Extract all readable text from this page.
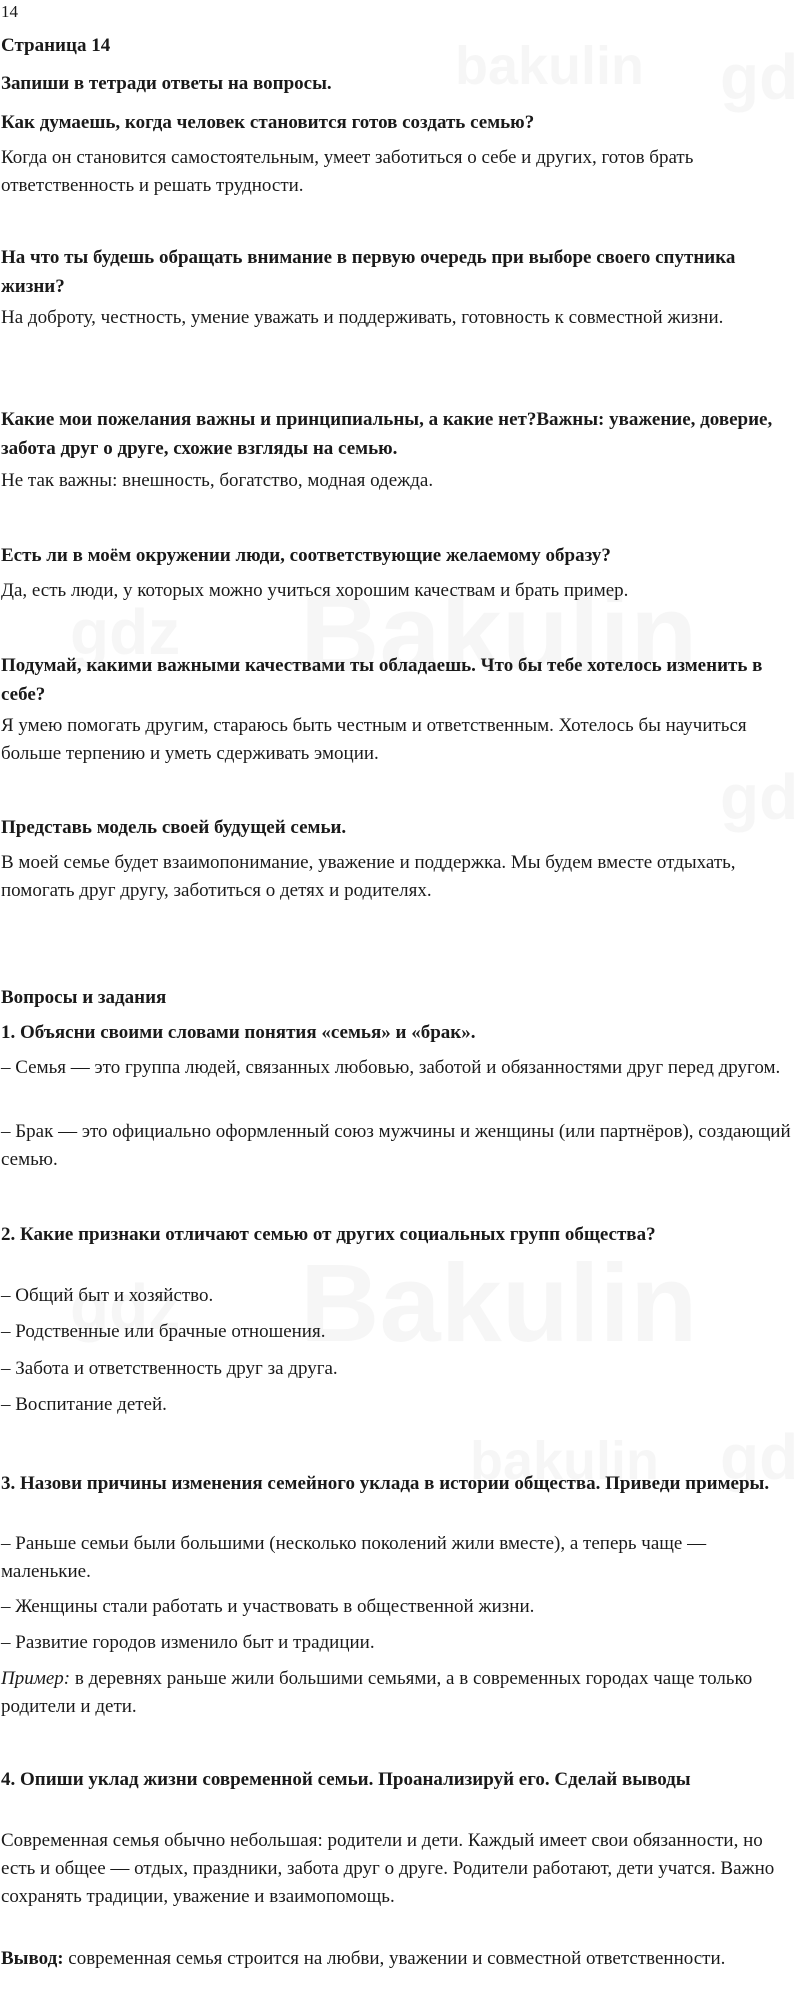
14
Страница 14
Запиши в тетради ответы на вопросы.
Как думаешь, когда человек становится готов создать семью?
Когда он становится самостоятельным, умеет заботиться о себе и других, готов брать ответственность и решать трудности.
На что ты будешь обращать внимание в первую очередь при выборе своего спутника жизни?
На доброту, честность, умение уважать и поддерживать, готовность к совместной жизни.
Какие мои пожелания важны и принципиальны, а какие нет?Важны: уважение, доверие, забота друг о друге, схожие взгляды на семью.
Не так важны: внешность, богатство, модная одежда.
Есть ли в моём окружении люди, соответствующие желаемому образу?
Да, есть люди, у которых можно учиться хорошим качествам и брать пример.
Подумай, какими важными качествами ты обладаешь. Что бы тебе хотелось изменить в себе?
Я умею помогать другим, стараюсь быть честным и ответственным. Хотелось бы научиться больше терпению и уметь сдерживать эмоции.
Представь модель своей будущей семьи.
В моей семье будет взаимопонимание, уважение и поддержка. Мы будем вместе отдыхать, помогать друг другу, заботиться о детях и родителях.
Вопросы и задания
1. Объясни своими словами понятия «семья» и «брак».
– Семья — это группа людей, связанных любовью, заботой и обязанностями друг перед другом.
– Брак — это официально оформленный союз мужчины и женщины (или партнёров), создающий семью.
2. Какие признаки отличают семью от других социальных групп общества?
– Общий быт и хозяйство.
– Родственные или брачные отношения.
– Забота и ответственность друг за друга.
– Воспитание детей.
3. Назови причины изменения семейного уклада в истории общества. Приведи примеры.
– Раньше семьи были большими (несколько поколений жили вместе), а теперь чаще — маленькие.
– Женщины стали работать и участвовать в общественной жизни.
– Развитие городов изменило быт и традиции.
Пример: в деревнях раньше жили большими семьями, а в современных городах чаще только родители и дети.
4. Опиши уклад жизни современной семьи. Проанализируй его. Сделай выводы
Современная семья обычно небольшая: родители и дети. Каждый имеет свои обязанности, но есть и общее — отдых, праздники, забота друг о друге. Родители работают, дети учатся. Важно сохранять традиции, уважение и взаимопомощь.
Вывод: современная семья строится на любви, уважении и совместной ответственности.
